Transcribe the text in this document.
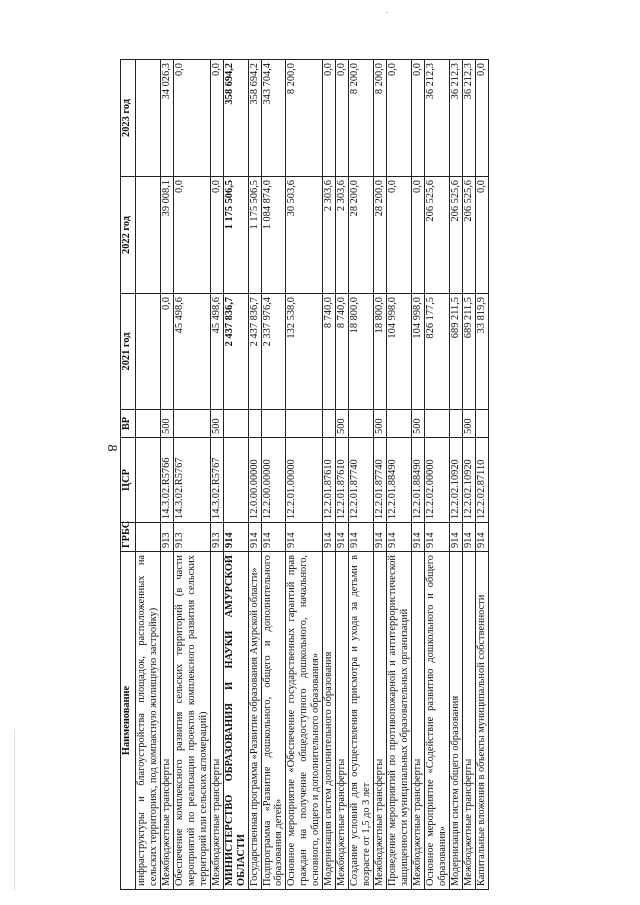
8
Наименование	ГРБС	ЦСР	ВР	2021 год	2022 год	2023 год
инфраструктуры и благоустройства площадок, расположенных на сельских территориях, под компактную жилищную застройку)						
Межбюджетные трансферты	913	14.3.02.R5766	500	0,0	39 008,1	34 026,3
Обеспечение комплексного развития сельских территорий (в части мероприятий по реализации проектов комплексного развития сельских территорий или сельских агломераций)	913	14.3.02.R5767		45 498,6	0,0	0,0
Межбюджетные трансферты	913	14.3.02.R5767	500	45 498,6	0,0	0,0
МИНИСТЕРСТВО ОБРАЗОВАНИЯ И НАУКИ АМУРСКОЙ ОБЛАСТИ	914			2 437 836,7	1 175 506,5	358 694,2
Государственная программа «Развитие образования Амурской области»	914	12.0.00.00000		2 437 836,7	1 175 506,5	358 694,2
Подпрограмма «Развитие дошкольного, общего и дополнительного образования детей»	914	12.2.00.00000		2 337 976,4	1 084 874,0	343 704,4
Основное мероприятие «Обеспечение государственных гарантий прав граждан на получение общедоступного дошкольного, начального, основного, общего и дополнительного образования»	914	12.2.01.00000		132 538,0	30 503,6	8 200,0
Модернизация систем дополнительного образования	914	12.2.01.87610		8 740,0	2 303,6	0,0
Межбюджетные трансферты	914	12.2.01.87610	500	8 740,0	2 303,6	0,0
Создание условий для осуществления присмотра и ухода за детьми в возрасте от 1,5 до 3 лет	914	12.2.01.87740		18 800,0	28 200,0	8 200,0
Межбюджетные трансферты	914	12.2.01.87740	500	18 800,0	28 200,0	8 200,0
Проведение мероприятий по противопожарной и антитеррористической защищенности муниципальных образовательных организаций	914	12.2.01.88490		104 998,0	0,0	0,0
Межбюджетные трансферты	914	12.2.01.88490	500	104 998,0	0,0	0,0
Основное мероприятие «Содействие развитию дошкольного и общего образования»	914	12.2.02.00000		826 177,5	206 525,6	36 212,3
Модернизация систем общего образования	914	12.2.02.10920		689 211,5	206 525,6	36 212,3
Межбюджетные трансферты	914	12.2.02.10920	500	689 211,5	206 525,6	36 212,3
Капитальные вложения в объекты муниципальной собственности	914	12.2.02.87110		33 819,9	0,0	0,0
